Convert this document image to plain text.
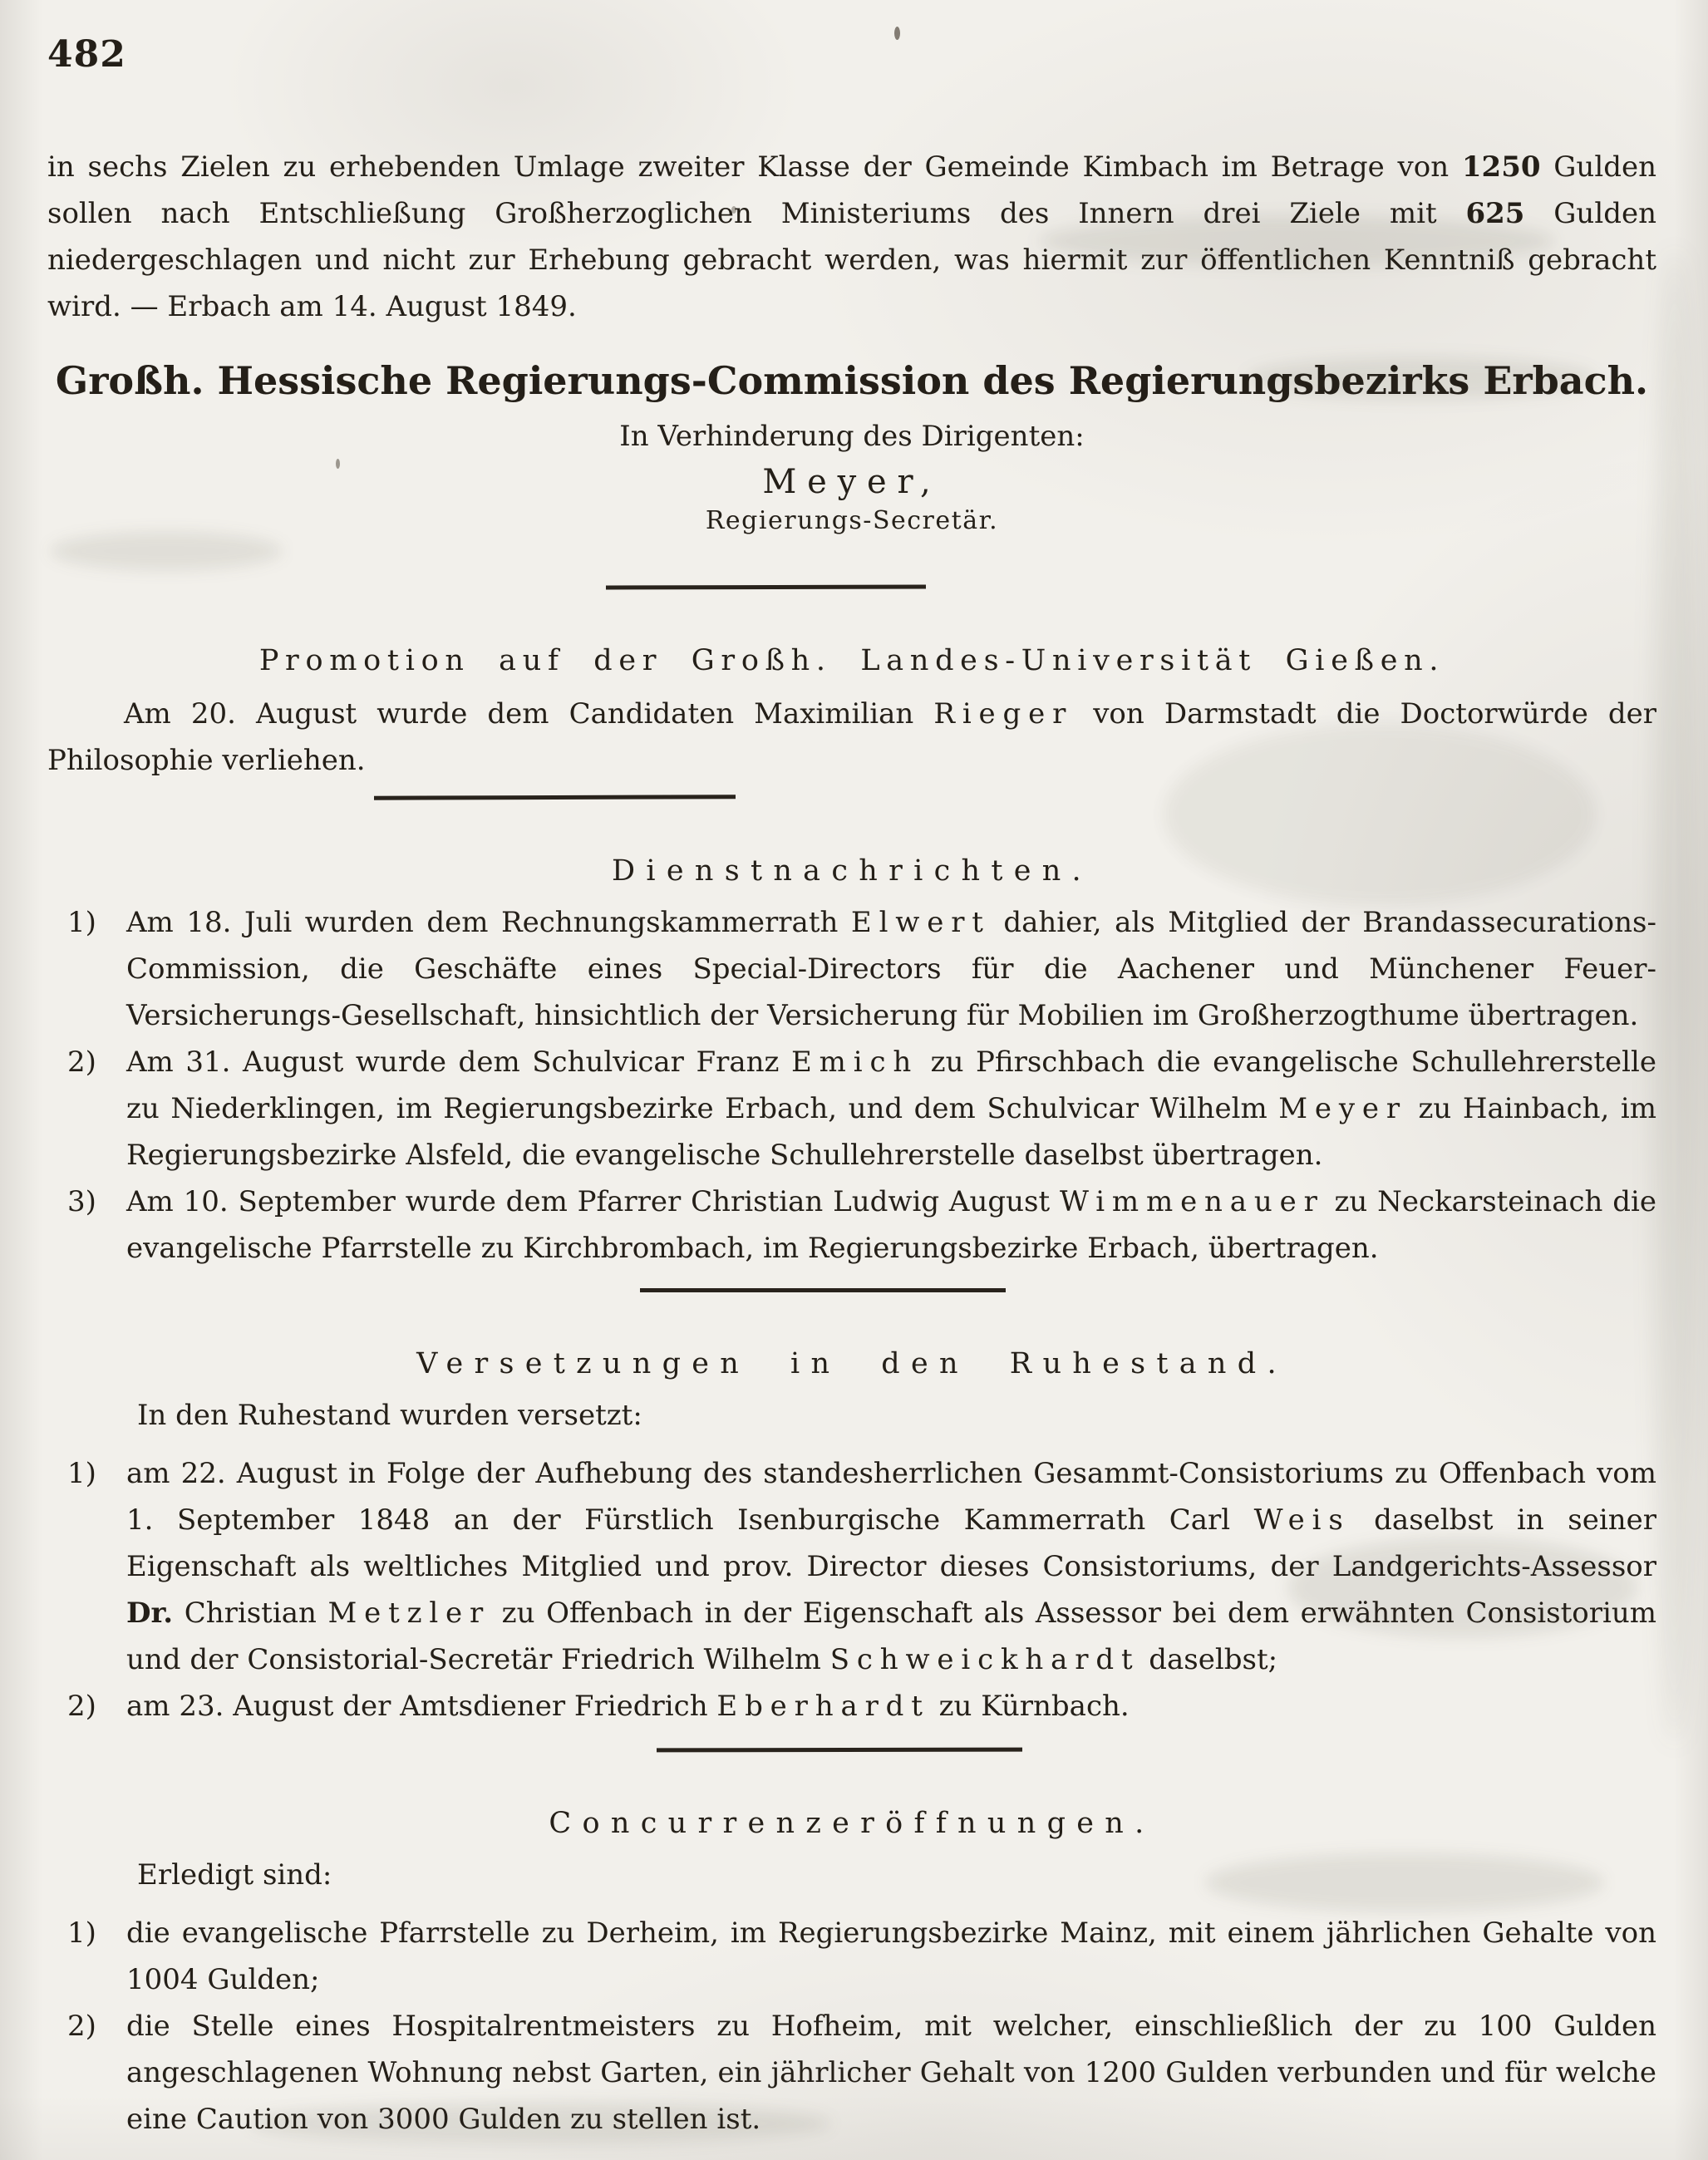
482

in sechs Zielen zu erhebenden Umlage zweiter Klasse der Gemeinde Kimbach im Betrage von 1250 Gulden sollen nach Entschließung Großherzoglichen Ministeriums des Innern drei Ziele mit 625 Gulden niedergeschlagen und nicht zur Erhebung gebracht werden, was hiermit zur öffentlichen Kenntniß gebracht wird. — Erbach am 14. August 1849.

Großh. Hessische Regierungs-Commission des Regierungsbezirks Erbach.

In Verhinderung des Dirigenten:

Meyer,

Regierungs-Secretär.

Promotion auf der Großh. Landes-Universität Gießen.

Am 20. August wurde dem Candidaten Maximilian Rieger von Darmstadt die Doctorwürde der Philosophie verliehen.

Dienstnachrichten.

1) Am 18. Juli wurden dem Rechnungskammerrath Elwert dahier, als Mitglied der Brandassecurations-Commission, die Geschäfte eines Special-Directors für die Aachener und Münchener Feuer-Versicherungs-Gesellschaft, hinsichtlich der Versicherung für Mobilien im Großherzogthume übertragen.

2) Am 31. August wurde dem Schulvicar Franz Emich zu Pfirschbach die evangelische Schullehrerstelle zu Niederklingen, im Regierungsbezirke Erbach, und dem Schulvicar Wilhelm Meyer zu Hainbach, im Regierungsbezirke Alsfeld, die evangelische Schullehrerstelle daselbst übertragen.

3) Am 10. September wurde dem Pfarrer Christian Ludwig August Wimmenauer zu Neckarsteinach die evangelische Pfarrstelle zu Kirchbrombach, im Regierungsbezirke Erbach, übertragen.

Versetzungen in den Ruhestand.

In den Ruhestand wurden versetzt:

1) am 22. August in Folge der Aufhebung des standesherrlichen Gesammt-Consistoriums zu Offenbach vom 1. September 1848 an der Fürstlich Isenburgische Kammerrath Carl Weis daselbst in seiner Eigenschaft als weltliches Mitglied und prov. Director dieses Consistoriums, der Landgerichts-Assessor Dr. Christian Metzler zu Offenbach in der Eigenschaft als Assessor bei dem erwähnten Consistorium und der Consistorial-Secretär Friedrich Wilhelm Schweickhardt daselbst;

2) am 23. August der Amtsdiener Friedrich Eberhardt zu Kürnbach.

Concurrenzeröffnungen.

Erledigt sind:

1) die evangelische Pfarrstelle zu Derheim, im Regierungsbezirke Mainz, mit einem jährlichen Gehalte von 1004 Gulden;

2) die Stelle eines Hospitalrentmeisters zu Hofheim, mit welcher, einschließlich der zu 100 Gulden angeschlagenen Wohnung nebst Garten, ein jährlicher Gehalt von 1200 Gulden verbunden und für welche eine Caution von 3000 Gulden zu stellen ist.
